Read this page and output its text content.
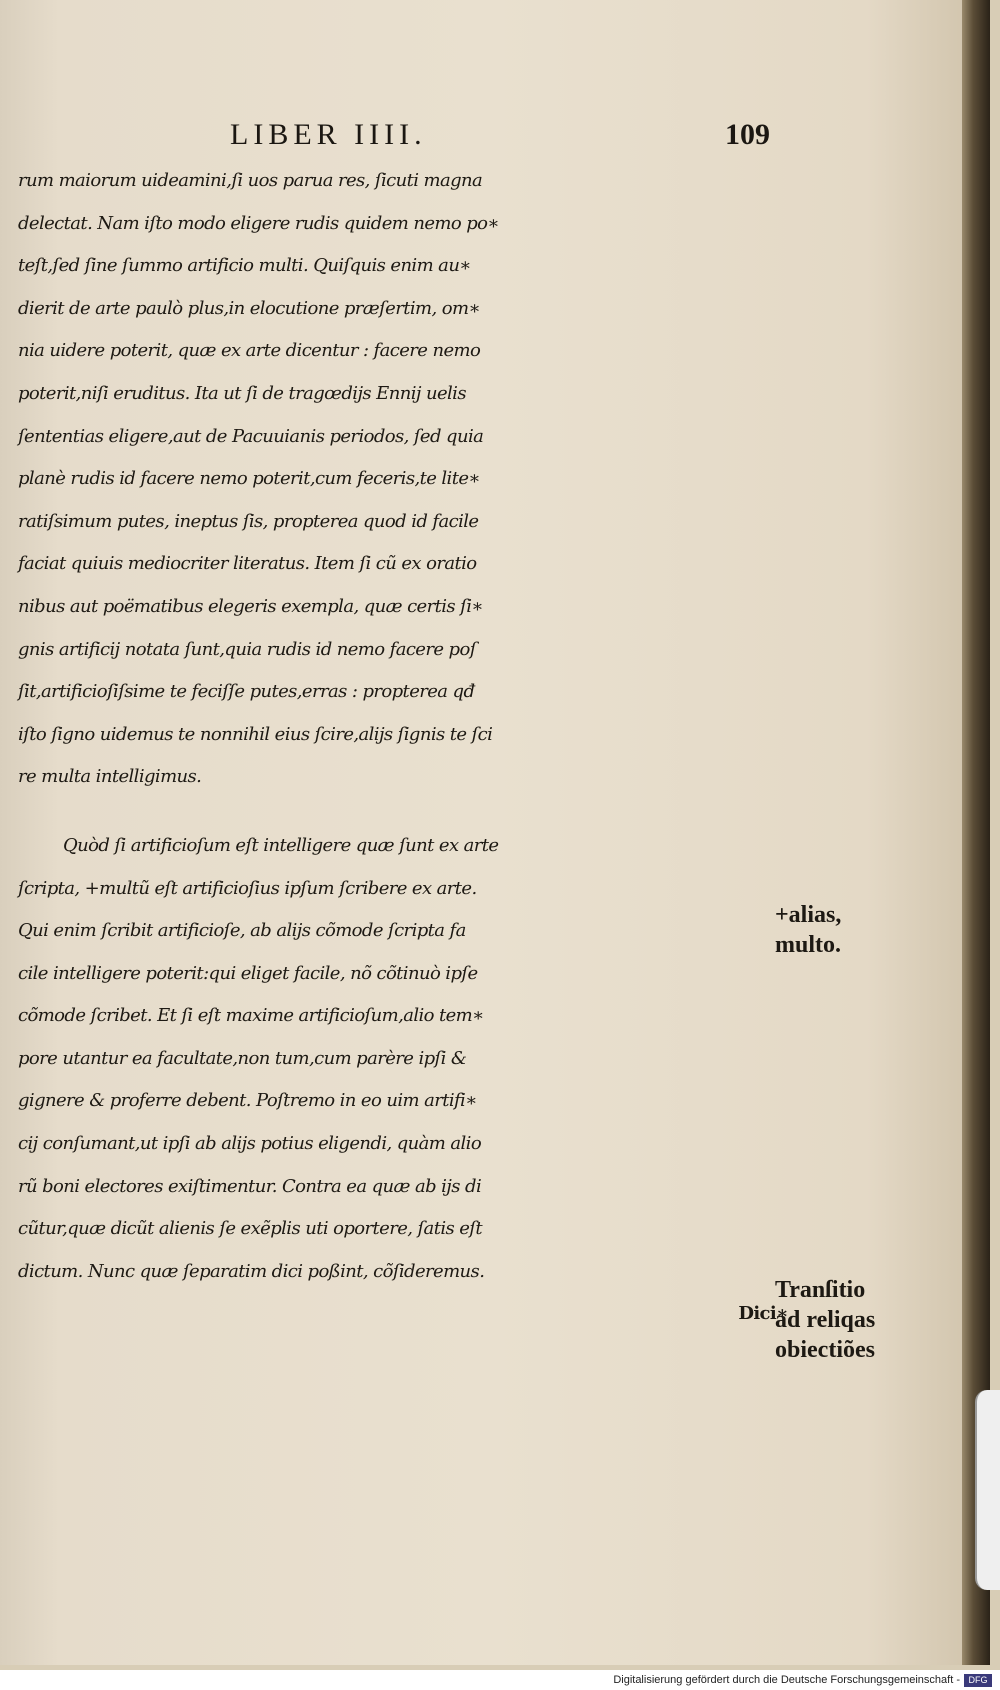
LIBER IIII.	109
rum maiorum uideamini,ſi uos parua res, ſicuti magna
delectat. Nam iſto modo eligere rudis quidem nemo po∗
teſt,ſed ſine ſummo artificio multi. Quiſquis enim au∗
dierit de arte paulò plus,in elocutione præſertim, om∗
nia uidere poterit, quæ ex arte dicentur : facere nemo
poterit,niſi eruditus. Ita ut ſi de tragœdijs Ennij uelis
ſententias eligere,aut de Pacuuianis periodos, ſed quia
planè rudis id facere nemo poterit,cum feceris,te lite∗
ratiſsimum putes, ineptus ſis, propterea quod id facile
faciat quiuis mediocriter literatus. Item ſi cũ ex oratio
nibus aut poëmatibus elegeris exempla, quæ certis ſi∗
gnis artificij notata ſunt,quia rudis id nemo facere poſ
ſit,artificioſiſsime te feciſſe putes,erras : propterea qđ
iſto ſigno uidemus te nonnihil eius ſcire,alijs ſignis te ſci
re multa intelligimus.
Quòd ſi artificioſum eſt intelligere quæ ſunt ex arte
ſcripta, +multũ eſt artificioſius ipſum ſcribere ex arte.
Qui enim ſcribit artificioſe, ab alijs cõmode ſcripta fa
cile intelligere poterit:qui eliget facile, nõ cõtinuò ipſe
cõmode ſcribet. Et ſi eſt maxime artificioſum,alio tem∗
pore utantur ea facultate,non tum,cum parère ipſi &
gignere & proferre debent. Poſtremo in eo uim artifi∗
cij conſumant,ut ipſi ab alijs potius eligendi, quàm alio
rũ boni electores exiſtimentur. Contra ea quæ ab ijs di
cũtur,quæ dicũt alienis ſe exẽplis uti oportere, ſatis eſt
dictum. Nunc quæ ſeparatim dici poßint, cõſideremus.
Dici∗
+alias,
multo.
Tranſitio
ad reliqas
obiectiões
Digitalisierung gefördert durch die Deutsche Forschungsgemeinschaft - DFG
